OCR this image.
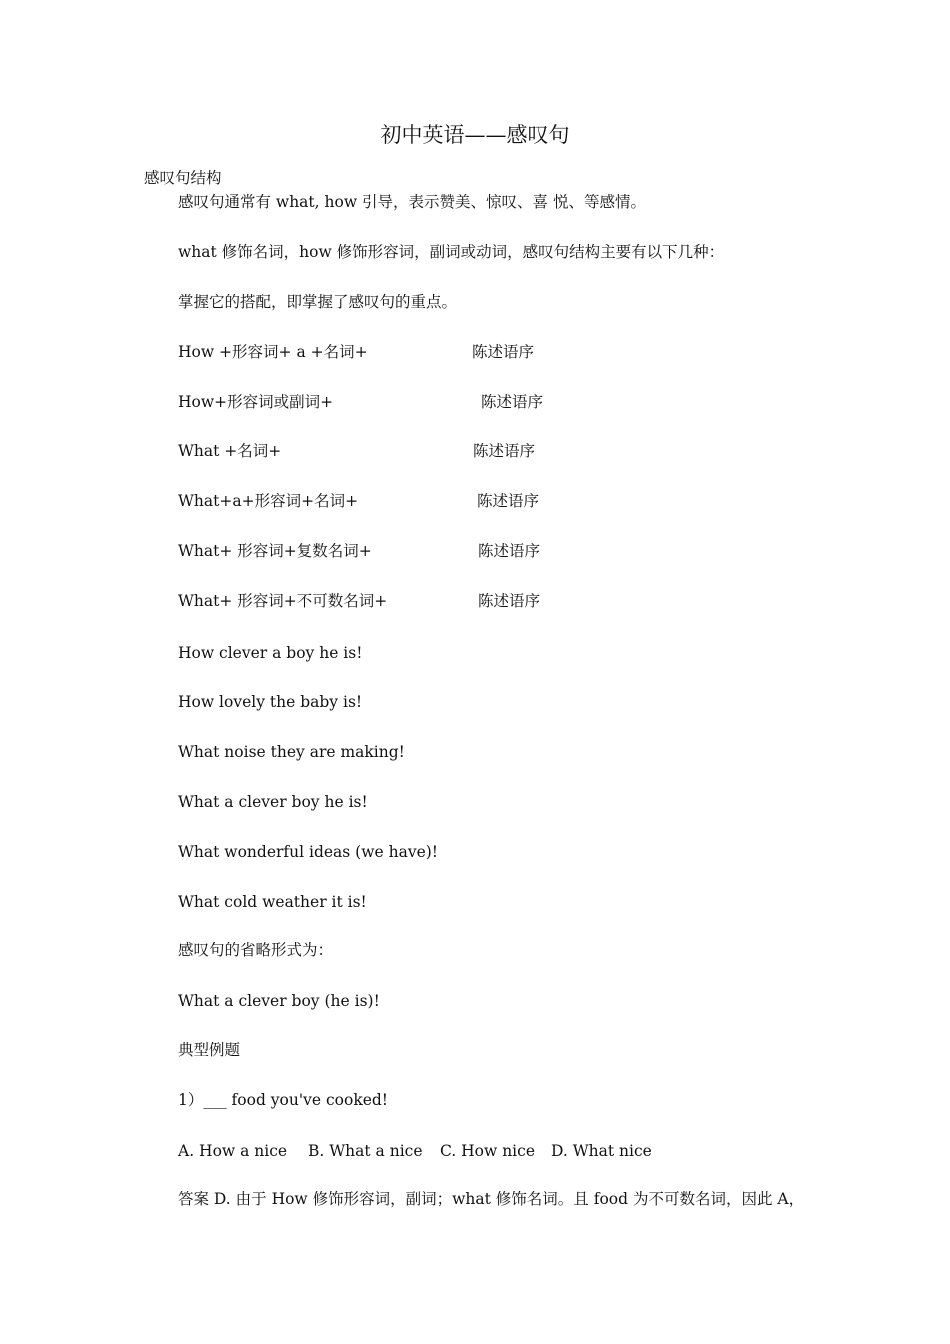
初中英语——感叹句
感叹句结构
感叹句通常有 what, how 引导，表示赞美、惊叹、喜 悦、等感情。
what 修饰名词，how 修饰形容词，副词或动词，感叹句结构主要有以下几种：
掌握它的搭配，即掌握了感叹句的重点。
How +形容词+ a +名词+	陈述语序
How+形容词或副词+	陈述语序
What +名词+	陈述语序
What+a+形容词+名词+	陈述语序
What+ 形容词+复数名词+	陈述语序
What+ 形容词+不可数名词+	陈述语序
How clever a boy he is!
How lovely the baby is!
What noise they are making!
What a clever boy he is!
What wonderful ideas (we have)!
What cold weather it is!
感叹句的省略形式为：
What a clever boy (he is)!
典型例题
1）___ food you've cooked!
A. How a nice B. What a nice C. How nice D. What nice
答案 D. 由于 How 修饰形容词，副词；what 修饰名词。且 food 为不可数名词，因此 A，
